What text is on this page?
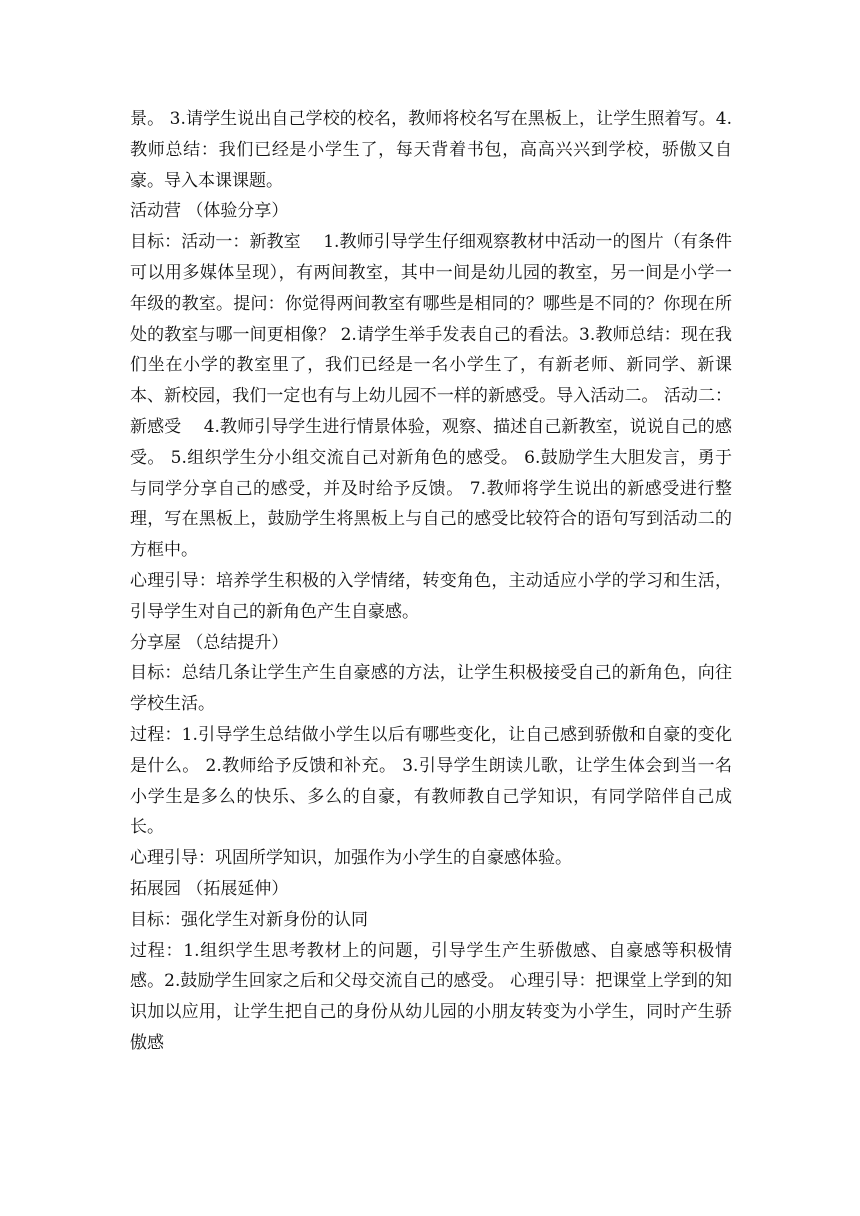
景。 3.请学生说出自己学校的校名，教师将校名写在黑板上，让学生照着写。4.教师总结：我们已经是小学生了，每天背着书包，高高兴兴到学校，骄傲又自豪。导入本课课题。

活动营 （体验分享）

目标：活动一：新教室　 1.教师引导学生仔细观察教材中活动一的图片（有条件可以用多媒体呈现），有两间教室，其中一间是幼儿园的教室，另一间是小学一年级的教室。提问：你觉得两间教室有哪些是相同的？哪些是不同的？你现在所处的教室与哪一间更相像？ 2.请学生举手发表自己的看法。3.教师总结：现在我们坐在小学的教室里了，我们已经是一名小学生了，有新老师、新同学、新课本、新校园，我们一定也有与上幼儿园不一样的新感受。导入活动二。 活动二：新感受　 4.教师引导学生进行情景体验，观察、描述自己新教室，说说自己的感受。 5.组织学生分小组交流自己对新角色的感受。 6.鼓励学生大胆发言，勇于与同学分享自己的感受，并及时给予反馈。 7.教师将学生说出的新感受进行整理，写在黑板上，鼓励学生将黑板上与自己的感受比较符合的语句写到活动二的方框中。

心理引导：培养学生积极的入学情绪，转变角色，主动适应小学的学习和生活，引导学生对自己的新角色产生自豪感。

分享屋 （总结提升）

目标：总结几条让学生产生自豪感的方法，让学生积极接受自己的新角色，向往学校生活。

过程：1.引导学生总结做小学生以后有哪些变化，让自己感到骄傲和自豪的变化是什么。 2.教师给予反馈和补充。 3.引导学生朗读儿歌，让学生体会到当一名小学生是多么的快乐、多么的自豪，有教师教自己学知识，有同学陪伴自己成长。

心理引导：巩固所学知识，加强作为小学生的自豪感体验。

拓展园 （拓展延伸）

目标：强化学生对新身份的认同

过程：1.组织学生思考教材上的问题，引导学生产生骄傲感、自豪感等积极情感。2.鼓励学生回家之后和父母交流自己的感受。 心理引导：把课堂上学到的知识加以应用，让学生把自己的身份从幼儿园的小朋友转变为小学生，同时产生骄傲感
